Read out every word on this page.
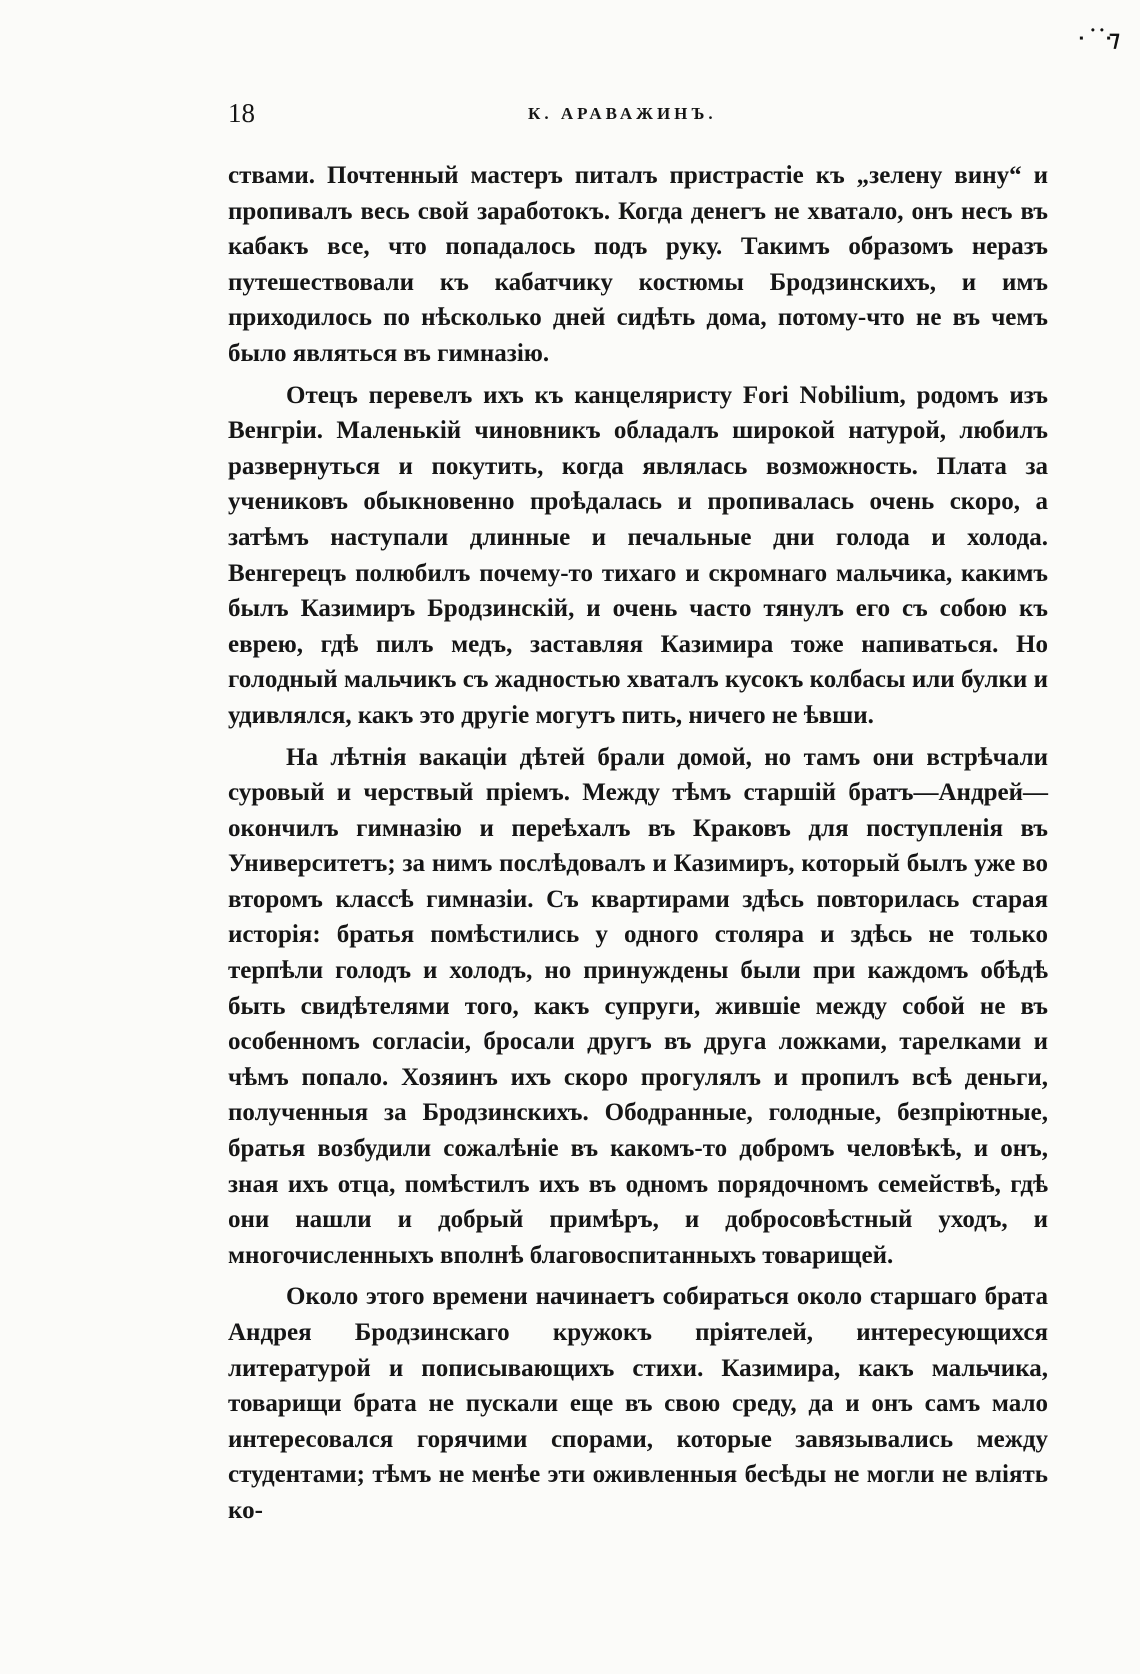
ᐧ ˙˙ᐧ⁊
18	К. АРАВАЖИНЪ.

ствами. Почтенный мастеръ питалъ пристрастіе къ „зелену вину“ и пропивалъ весь свой заработокъ. Когда денегъ не хватало, онъ несъ въ кабакъ все, что попадалось подъ руку. Такимъ образомъ неразъ путешествовали къ кабатчику костюмы Бродзинскихъ, и имъ приходилось по нѣсколько дней сидѣть дома, потому-что не въ чемъ было являться въ гимназію.

Отецъ перевелъ ихъ къ канцеляристу Fori Nobilium, родомъ изъ Венгріи. Маленькій чиновникъ обладалъ широкой натурой, любилъ развернуться и покутить, когда являлась возможность. Плата за учениковъ обыкновенно проѣдалась и пропивалась очень скоро, а затѣмъ наступали длинные и печальные дни голода и холода. Венгерецъ полюбилъ почему-то тихаго и скромнаго мальчика, какимъ былъ Казимиръ Бродзинскій, и очень часто тянулъ его съ собою къ еврею, гдѣ пилъ медъ, заставляя Казимира тоже напиваться. Но голодный мальчикъ съ жадностью хваталъ кусокъ колбасы или булки и удивлялся, какъ это другіе могутъ пить, ничего не ѣвши.

На лѣтнія вакаціи дѣтей брали домой, но тамъ они встрѣчали суровый и черствый пріемъ. Между тѣмъ старшій братъ—Андрей—окончилъ гимназію и переѣхалъ въ Краковъ для поступленія въ Университетъ; за нимъ послѣдовалъ и Казимиръ, который былъ уже во второмъ классѣ гимназіи. Съ квартирами здѣсь повторилась старая исторія: братья помѣстились у одного столяра и здѣсь не только терпѣли голодъ и холодъ, но принуждены были при каждомъ обѣдѣ быть свидѣтелями того, какъ супруги, жившіе между собой не въ особенномъ согласіи, бросали другъ въ друга ложками, тарелками и чѣмъ попало. Хозяинъ ихъ скоро прогулялъ и пропилъ всѣ деньги, полученныя за Бродзинскихъ. Ободранные, голодные, безпріютные, братья возбудили сожалѣніе въ какомъ-то добромъ человѣкѣ, и онъ, зная ихъ отца, помѣстилъ ихъ въ одномъ порядочномъ семействѣ, гдѣ они нашли и добрый примѣръ, и добросовѣстный уходъ, и многочисленныхъ вполнѣ благовоспитанныхъ товарищей.

Около этого времени начинаетъ собираться около старшаго брата Андрея Бродзинскаго кружокъ пріятелей, интересующихся литературой и пописывающихъ стихи. Казимира, какъ мальчика, товарищи брата не пускали еще въ свою среду, да и онъ самъ мало интересовался горячими спорами, которые завязывались между студентами; тѣмъ не менѣе эти оживленныя бесѣды не могли не вліять ко-
